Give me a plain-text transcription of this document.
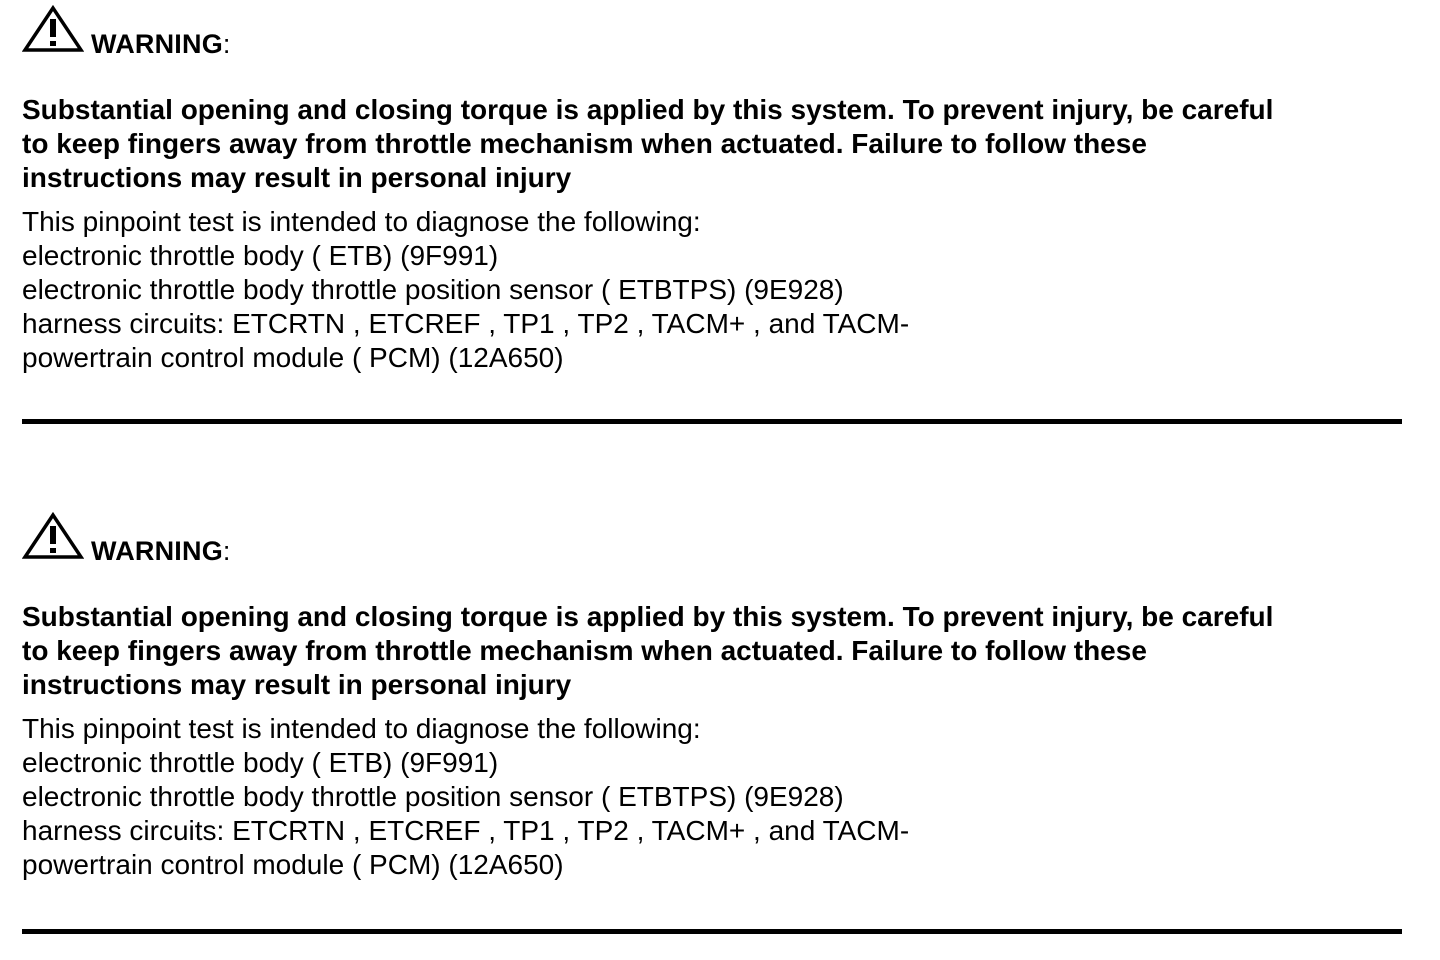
WARNING:
Substantial opening and closing torque is applied by this system. To prevent injury, be careful
to keep fingers away from throttle mechanism when actuated. Failure to follow these
instructions may result in personal injury
This pinpoint test is intended to diagnose the following:
electronic throttle body ( ETB) (9F991)
electronic throttle body throttle position sensor ( ETBTPS) (9E928)
harness circuits: ETCRTN , ETCREF , TP1 , TP2 , TACM+ , and TACM-
powertrain control module ( PCM) (12A650)
WARNING:
Substantial opening and closing torque is applied by this system. To prevent injury, be careful
to keep fingers away from throttle mechanism when actuated. Failure to follow these
instructions may result in personal injury
This pinpoint test is intended to diagnose the following:
electronic throttle body ( ETB) (9F991)
electronic throttle body throttle position sensor ( ETBTPS) (9E928)
harness circuits: ETCRTN , ETCREF , TP1 , TP2 , TACM+ , and TACM-
powertrain control module ( PCM) (12A650)
